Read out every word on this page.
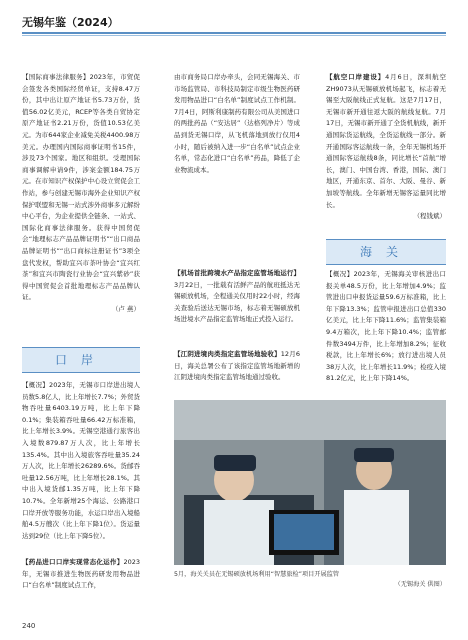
无锡年鉴（2024）

【国际商事法律服务】2023年，市贸促会签发各类国际经贸单证，支持8.47万份，其中出让原产地证书5.73万份，货值56.02亿美元，RCEP等各类自贸协定原产地证书2.21万份，货值10.53亿美元。为市644家企业减免关税4400.98万美元。办理国内国际商事证明书15件，涉及73个国家。地区和组织。受理国际商事调解申请9件，涉案金额184.75万元。在市知识产权保护中心设立贸促会工作站，参与创建无锡市海外企业知识产权保护联盟和无锡一站式涉外商事多元解纷中心平台，为企业提供全链条、一站式、国际化商事法律服务。获得中国贸促会“地理标志产品品牌证明书”“出口商品品牌证明书”“出口商标注册证书”3项全盘代发权，帮助宜兴市茶叶协会“宜兴红茶”和宜兴市陶瓷行业协会“宜兴紫砂”获得中国贸促会首批地理标志产品品牌认证。

（卢 燕）

口岸

【概况】2023年，无锡市口岸进出境人员数5.8亿人，比上年增长7.7%；外贸货物吞吐量6403.19万吨，比上年下降0.1%；集装箱吞吐量66.42万标准箱，比上年增长3.9%。无锡空港通行旅客出入境数879.87万人次，比上年增长135.4%。其中出入境旅客吞吐量35.24万人次，比上年增长26289.6%。货邮吞吐量12.56万吨，比上年增长28.1%。其中出入境货邮1.35万吨，比上年下降10.7%。全年新增25个海运、公路港口口岸开放等服务功能，水运口岸出入境船舶4.5万艘次（比上年下降1位）。货运量达到29位（比上年下降5位）。

【药品进口口岸实现常态化运作】2023年，无锡市推进生物医药研发用物品进口“白名单”制度试点工作，

由市商务局口岸办牵头，会同无锡海关、市市场监管局、市科技局制定市级生物医药研发用物品进口“白名单”制度试点工作机制。7月4日，阿斯利康制药有限公司从美国进口的两批药品（“安达居”（达格列净片）等成品到货无锡口岸，从飞机落地到放行仅用4小时，随后被纳入进一步“白名单”试点企业名单，常态化进口“白名单”药品，降低了企业物流成本。

【机场首批跨境水产品指定监管场地运行】3月22日，一批载有活鲜产品的航班抵达无锡硕放机场，全程通关仅用时22小时，经海关查验后送达无锡市场，标志着无锡硕放机场进境水产品指定监管场地正式投入运行。
【江阴进境肉类指定监管场地验收】12月6日，海关总署公布了该指定监管场地新增的江阴进境肉类指定监管场地通过验收。

【航空口岸建设】4月6日，深圳航空ZH9073从无锡硕放机场起飞，标志着无锡至大阪航线正式复航。这是7月17日，无锡市新开通往返大阪的航线复航。7月17日，无锡市新开通了全货机航线，新开通国际货运航线，全货运航线一部分。新开通国际客运航线一条，全年无锡机场开通国际客运航线8条，同比增长“首航”增长，澳门、中国台湾、香港，国际、澳门地区，开通东京、首尔、大阪、曼谷、新加坡等航线。全年新增无锡客运量同比增长。

（程钱斌）

海关

【概况】2023年，无锡海关审核进出口报关单48.5万份，比上年增加4.9%；监管进出口申报货运量59.6万标准箱，比上年下降13.3%；监管申报进出口总值330亿美元，比上年下降11.6%；监管集装箱9.4万箱次，比上年下降10.4%；监管邮件数3494万件，比上年增加8.2%；征收税款，比上年增长6%；放行进出境人员38万人次，比上年增长11.9%；检疫入境81.2亿元，比上年下降14%。

5月，海关关员在无锡硕放机场利用“智慧旅检”项目开展监管
（无锡海关 供图）
240
